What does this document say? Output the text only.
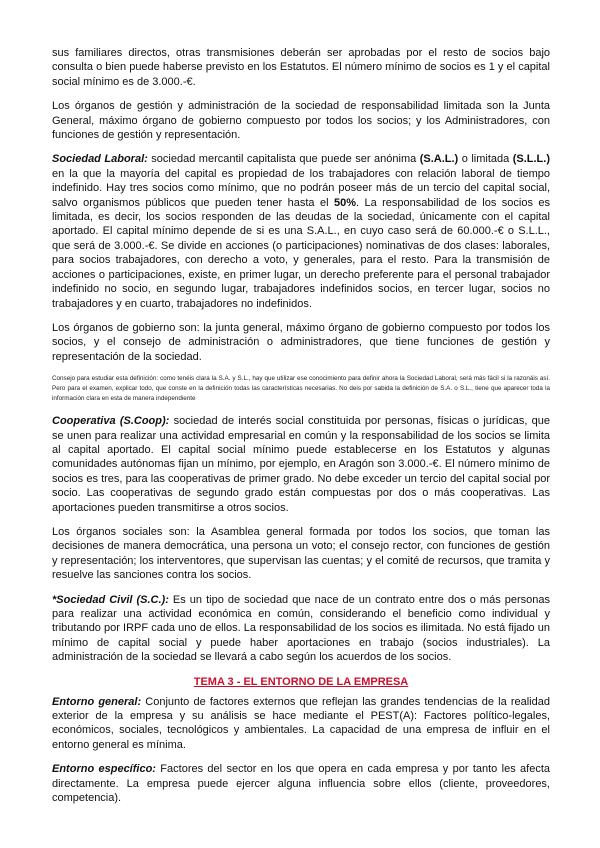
sus familiares directos, otras transmisiones deberán ser aprobadas por el resto de socios bajo consulta o bien puede haberse previsto en los Estatutos. El número mínimo de socios es 1 y el capital social mínimo es de 3.000.-€.

Los órganos de gestión y administración de la sociedad de responsabilidad limitada son la Junta General, máximo órgano de gobierno compuesto por todos los socios; y los Administradores, con funciones de gestión y representación.

Sociedad Laboral: sociedad mercantil capitalista que puede ser anónima (S.A.L.) o limitada (S.L.L.) en la que la mayoría del capital es propiedad de los trabajadores con relación laboral de tiempo indefinido. Hay tres socios como mínimo, que no podrán poseer más de un tercio del capital social, salvo organismos públicos que pueden tener hasta el 50%. La responsabilidad de los socios es limitada, es decir, los socios responden de las deudas de la sociedad, únicamente con el capital aportado. El capital mínimo depende de si es una S.A.L., en cuyo caso será de 60.000.-€ o S.L.L., que será de 3.000.-€. Se divide en acciones (o participaciones) nominativas de dos clases: laborales, para socios trabajadores, con derecho a voto, y generales, para el resto. Para la transmisión de acciones o participaciones, existe, en primer lugar, un derecho preferente para el personal trabajador indefinido no socio, en segundo lugar, trabajadores indefinidos socios, en tercer lugar, socios no trabajadores y en cuarto, trabajadores no indefinidos.

Los órganos de gobierno son: la junta general, máximo órgano de gobierno compuesto por todos los socios, y el consejo de administración o administradores, que tiene funciones de gestión y representación de la sociedad.

Consejo para estudiar esta definición: como tenéis clara la S.A. y S.L., hay que utilizar ese conocimiento para definir ahora la Sociedad Laboral, será más fácil si la razonáis así. Pero para el examen, explicar todo, que conste en la definición todas las características necesarias. No deis por sabida la definición de S.A. o S.L., tiene que aparecer toda la información clara en esta de manera independiente

Cooperativa (S.Coop): sociedad de interés social constituida por personas, físicas o jurídicas, que se unen para realizar una actividad empresarial en común y la responsabilidad de los socios se limita al capital aportado. El capital social mínimo puede establecerse en los Estatutos y algunas comunidades autónomas fijan un mínimo, por ejemplo, en Aragón son 3.000.-€. El número mínimo de socios es tres, para las cooperativas de primer grado. No debe exceder un tercio del capital social por socio. Las cooperativas de segundo grado están compuestas por dos o más cooperativas. Las aportaciones pueden transmitirse a otros socios.

Los órganos sociales son: la Asamblea general formada por todos los socios, que toman las decisiones de manera democrática, una persona un voto; el consejo rector, con funciones de gestión y representación; los interventores, que supervisan las cuentas; y el comité de recursos, que tramita y resuelve las sanciones contra los socios.

*Sociedad Civil (S.C.): Es un tipo de sociedad que nace de un contrato entre dos o más personas para realizar una actividad económica en común, considerando el beneficio como individual y tributando por IRPF cada uno de ellos. La responsabilidad de los socios es ilimitada. No está fijado un mínimo de capital social y puede haber aportaciones en trabajo (socios industriales). La administración de la sociedad se llevará a cabo según los acuerdos de los socios.

TEMA 3 - EL ENTORNO DE LA EMPRESA

Entorno general: Conjunto de factores externos que reflejan las grandes tendencias de la realidad exterior de la empresa y su análisis se hace mediante el PEST(A): Factores político-legales, económicos, sociales, tecnológicos y ambientales. La capacidad de una empresa de influir en el entorno general es mínima.

Entorno específico: Factores del sector en los que opera en cada empresa y por tanto les afecta directamente. La empresa puede ejercer alguna influencia sobre ellos (cliente, proveedores, competencia).
